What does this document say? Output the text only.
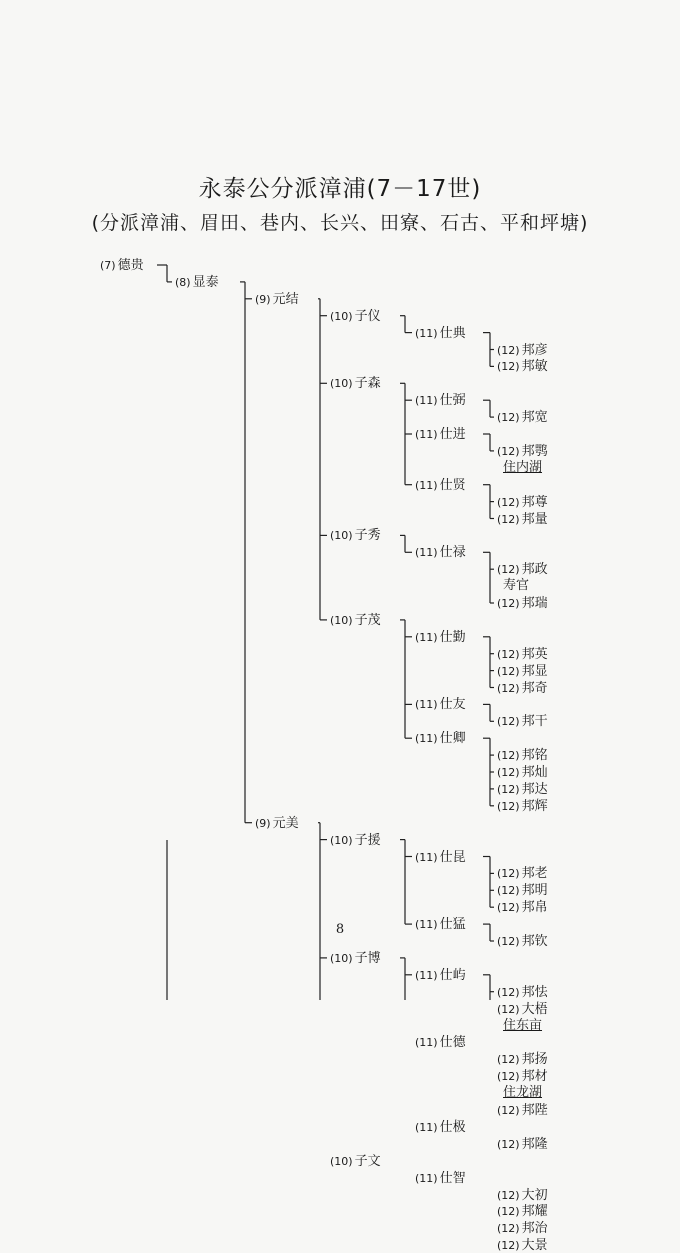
永泰公分派漳浦(7－17世)
(分派漳浦、眉田、巷内、长兴、田寮、石古、平和坪塘)
(7) 德贵
(8) 显泰
(9) 元结
(10) 子仪
(11) 仕典
(12) 邦彦
(12) 邦敏
(10) 子森
(11) 仕弼
(12) 邦宽
(11) 仕进
(12) 邦鹗
住内湖
(11) 仕贤
(12) 邦尊
(12) 邦量
(10) 子秀
(11) 仕禄
(12) 邦政
寿官
(12) 邦瑞
(10) 子茂
(11) 仕勤
(12) 邦英
(12) 邦显
(12) 邦奇
(11) 仕友
(12) 邦干
(11) 仕卿
(12) 邦铭
(12) 邦灿
(12) 邦达
(12) 邦辉
(9) 元美
(10) 子援
(11) 仕昆
(12) 邦老
(12) 邦明
(12) 邦帛
(11) 仕猛
(12) 邦钦
(10) 子博
(11) 仕屿
(12) 邦怯
(12) 大梧
住东亩
(11) 仕德
(12) 邦扬
(12) 邦材
住龙湖
(12) 邦陛
(11) 仕极
(12) 邦隆
(10) 子文
(11) 仕智
(12) 大初
(12) 邦耀
(12) 邦治
(12) 大景
8
